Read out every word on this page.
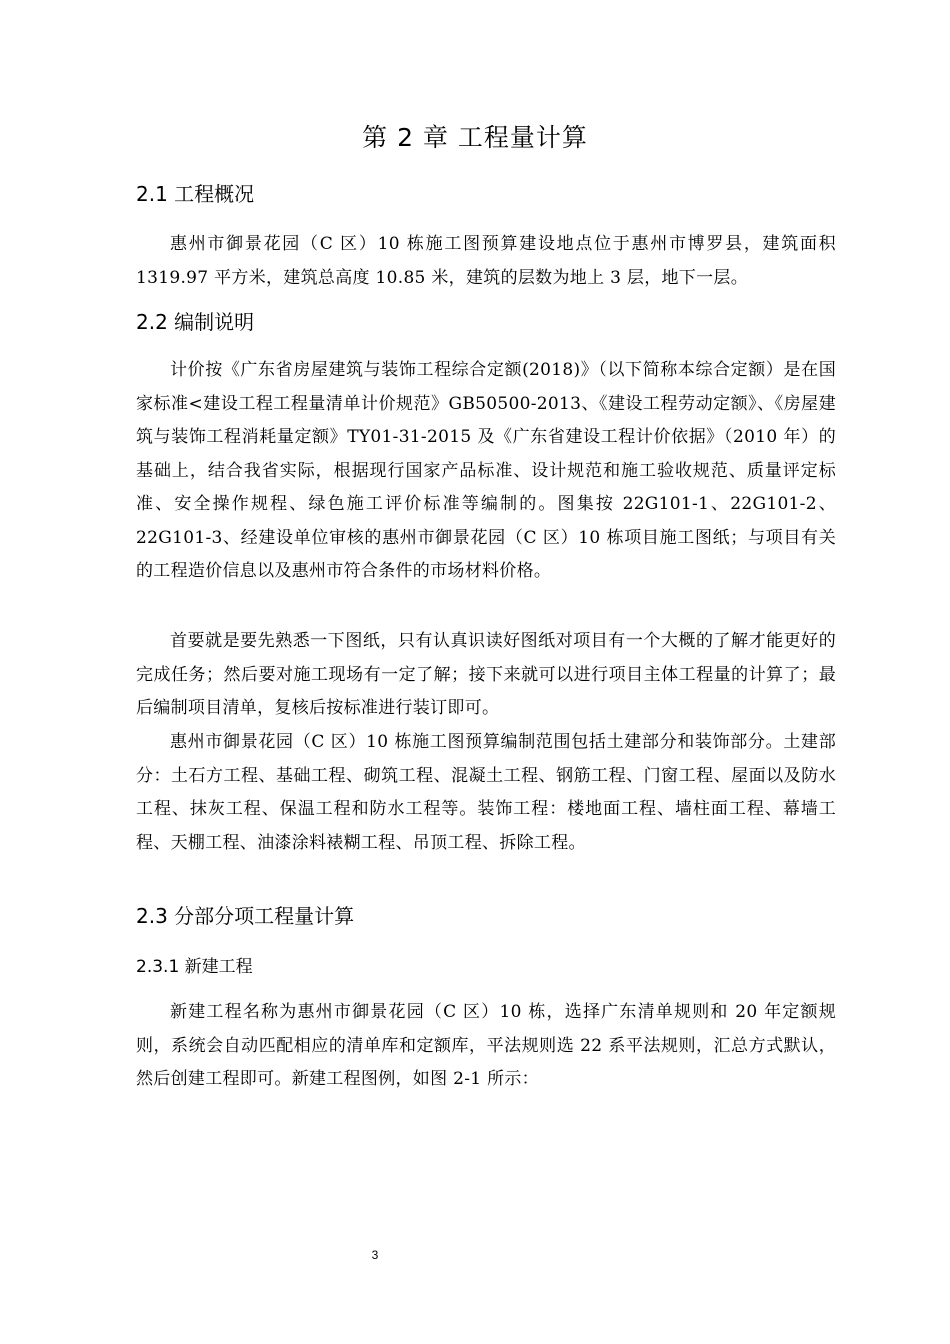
第 2 章 工程量计算
2.1 工程概况

惠州市御景花园（C 区）10 栋施工图预算建设地点位于惠州市博罗县，建筑面积 1319.97 平方米，建筑总高度 10.85 米，建筑的层数为地上 3 层，地下一层。

2.2 编制说明

计价按《广东省房屋建筑与装饰工程综合定额(2018)》（以下简称本综合定额）是在国家标准<建设工程工程量清单计价规范》GB50500-2013、《建设工程劳动定额》、《房屋建筑与装饰工程消耗量定额》TY01-31-2015 及《广东省建设工程计价依据》（2010 年）的基础上，结合我省实际，根据现行国家产品标准、设计规范和施工验收规范、质量评定标准、安全操作规程、绿色施工评价标准等编制的。图集按 22G101-1、22G101-2、22G101-3、经建设单位审核的惠州市御景花园（C 区）10 栋项目施工图纸；与项目有关的工程造价信息以及惠州市符合条件的市场材料价格。

首要就是要先熟悉一下图纸，只有认真识读好图纸对项目有一个大概的了解才能更好的完成任务；然后要对施工现场有一定了解；接下来就可以进行项目主体工程量的计算了；最后编制项目清单，复核后按标准进行装订即可。

惠州市御景花园（C 区）10 栋施工图预算编制范围包括土建部分和装饰部分。土建部分：土石方工程、基础工程、砌筑工程、混凝土工程、钢筋工程、门窗工程、屋面以及防水工程、抹灰工程、保温工程和防水工程等。装饰工程：楼地面工程、墙柱面工程、幕墙工程、天棚工程、油漆涂料裱糊工程、吊顶工程、拆除工程。

2.3 分部分项工程量计算
2.3.1 新建工程

新建工程名称为惠州市御景花园（C 区）10 栋，选择广东清单规则和 20 年定额规则，系统会自动匹配相应的清单库和定额库，平法规则选 22 系平法规则，汇总方式默认，然后创建工程即可。新建工程图例，如图 2-1 所示：

3
